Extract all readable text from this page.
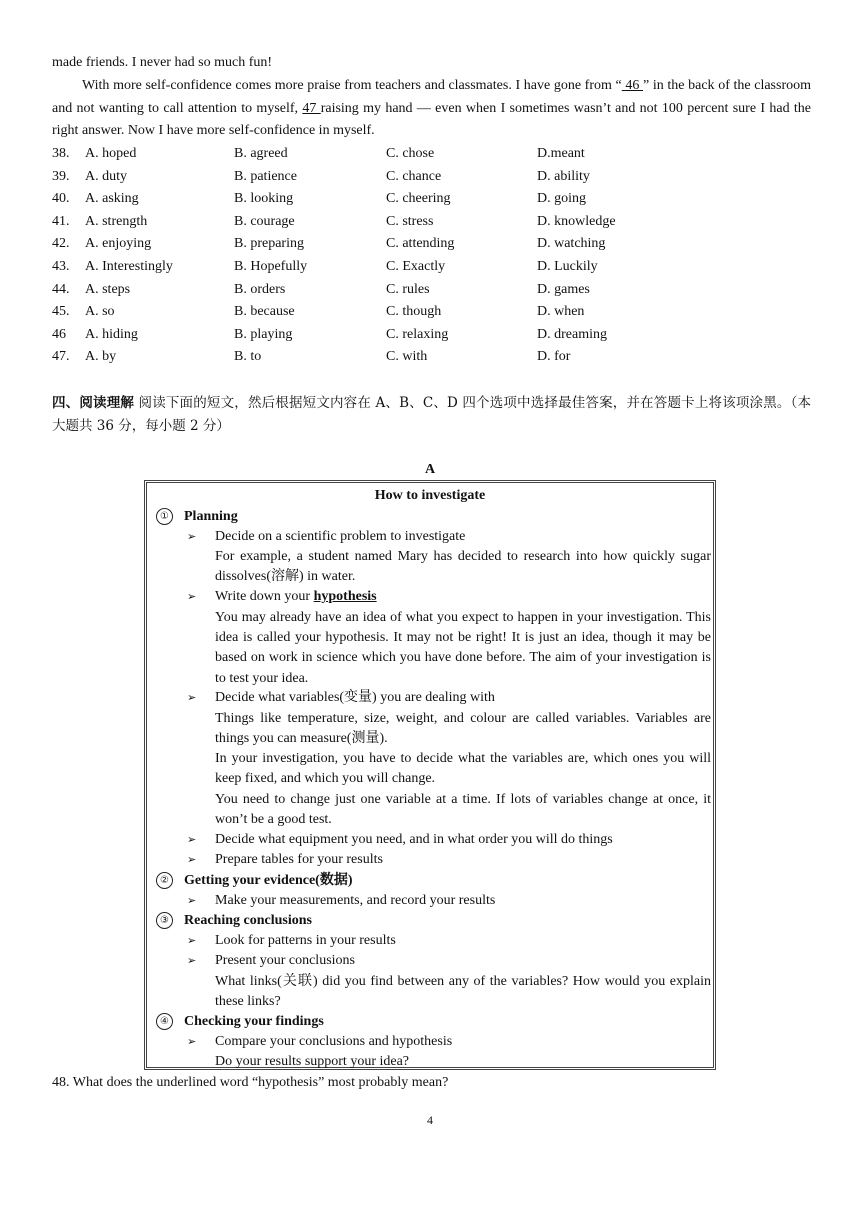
made friends. I never had so much fun!
With more self-confidence comes more praise from teachers and classmates. I have gone from “ 46 ” in the back of the classroom and not wanting to call attention to myself, 47 raising my hand — even when I sometimes wasn’t and not 100 percent sure I had the right answer. Now I have more self-confidence in myself.
38. A. hoped	B. agreed	C. chose	D.meant
39. A. duty	B. patience	C. chance	D. ability
40. A. asking	B. looking	C. cheering	D. going
41. A. strength	B. courage	C. stress	D. knowledge
42. A. enjoying	B. preparing	C. attending	D. watching
43. A. Interestingly	B. Hopefully	C. Exactly	D. Luckily
44. A. steps	B. orders	C. rules	D. games
45. A. so	B. because	C. though	D. when
46 A. hiding	B. playing	C. relaxing	D. dreaming
47. A. by	B. to	C. with	D. for
四、阅读理解 阅读下面的短文，然后根据短文内容在 A、B、C、D 四个选项中选择最佳答案，并在答题卡上将该项涂黑。（本大题共 36 分，每小题 2 分）
A
How to investigate
① Planning
➢ Decide on a scientific problem to investigate
For example, a student named Mary has decided to research into how quickly sugar dissolves(溶解) in water.
➢ Write down your hypothesis
You may already have an idea of what you expect to happen in your investigation. This idea is called your hypothesis. It may not be right! It is just an idea, though it may be based on work in science which you have done before. The aim of your investigation is to test your idea.
➢ Decide what variables(变量) you are dealing with
Things like temperature, size, weight, and colour are called variables. Variables are things you can measure(测量).
In your investigation, you have to decide what the variables are, which ones you will keep fixed, and which you will change.
You need to change just one variable at a time. If lots of variables change at once, it won’t be a good test.
➢ Decide what equipment you need, and in what order you will do things
➢ Prepare tables for your results
② Getting your evidence(数据)
➢ Make your measurements, and record your results
③ Reaching conclusions
➢ Look for patterns in your results
➢ Present your conclusions
What links(关联) did you find between any of the variables? How would you explain these links?
④ Checking your findings
➢ Compare your conclusions and hypothesis
Do your results support your idea?
48. What does the underlined word “hypothesis” most probably mean?
4
